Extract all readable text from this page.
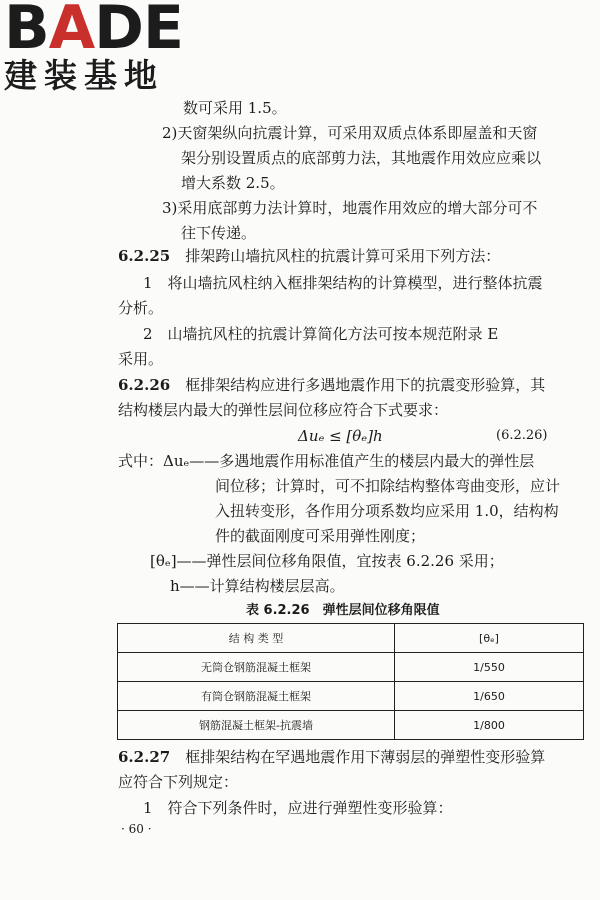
BADE
建装基地
数可采用 1.5。
2)天窗架纵向抗震计算，可采用双质点体系即屋盖和天窗
架分别设置质点的底部剪力法，其地震作用效应应乘以
增大系数 2.5。
3)采用底部剪力法计算时，地震作用效应的增大部分可不
往下传递。
6.2.25　 排架跨山墙抗风柱的抗震计算可采用下列方法：
1　将山墙抗风柱纳入框排架结构的计算模型，进行整体抗震
分析。
2　山墙抗风柱的抗震计算简化方法可按本规范附录 E
采用。
6.2.26　 框排架结构应进行多遇地震作用下的抗震变形验算，其
结构楼层内最大的弹性层间位移应符合下式要求：
Δuₑ ≤ [θₑ]h	(6.2.26)
式中：Δuₑ——多遇地震作用标准值产生的楼层内最大的弹性层
间位移；计算时，可不扣除结构整体弯曲变形，应计
入扭转变形，各作用分项系数均应采用 1.0，结构构
件的截面刚度可采用弹性刚度；
[θₑ]——弹性层间位移角限值，宜按表 6.2.26 采用；
h——计算结构楼层层高。
表 6.2.26　弹性层间位移角限值
结 构 类 型	[θₑ]
无筒仓钢筋混凝土框架	1/550
有筒仓钢筋混凝土框架	1/650
钢筋混凝土框架-抗震墙	1/800
6.2.27　 框排架结构在罕遇地震作用下薄弱层的弹塑性变形验算
应符合下列规定：
1　符合下列条件时，应进行弹塑性变形验算：
· 60 ·
